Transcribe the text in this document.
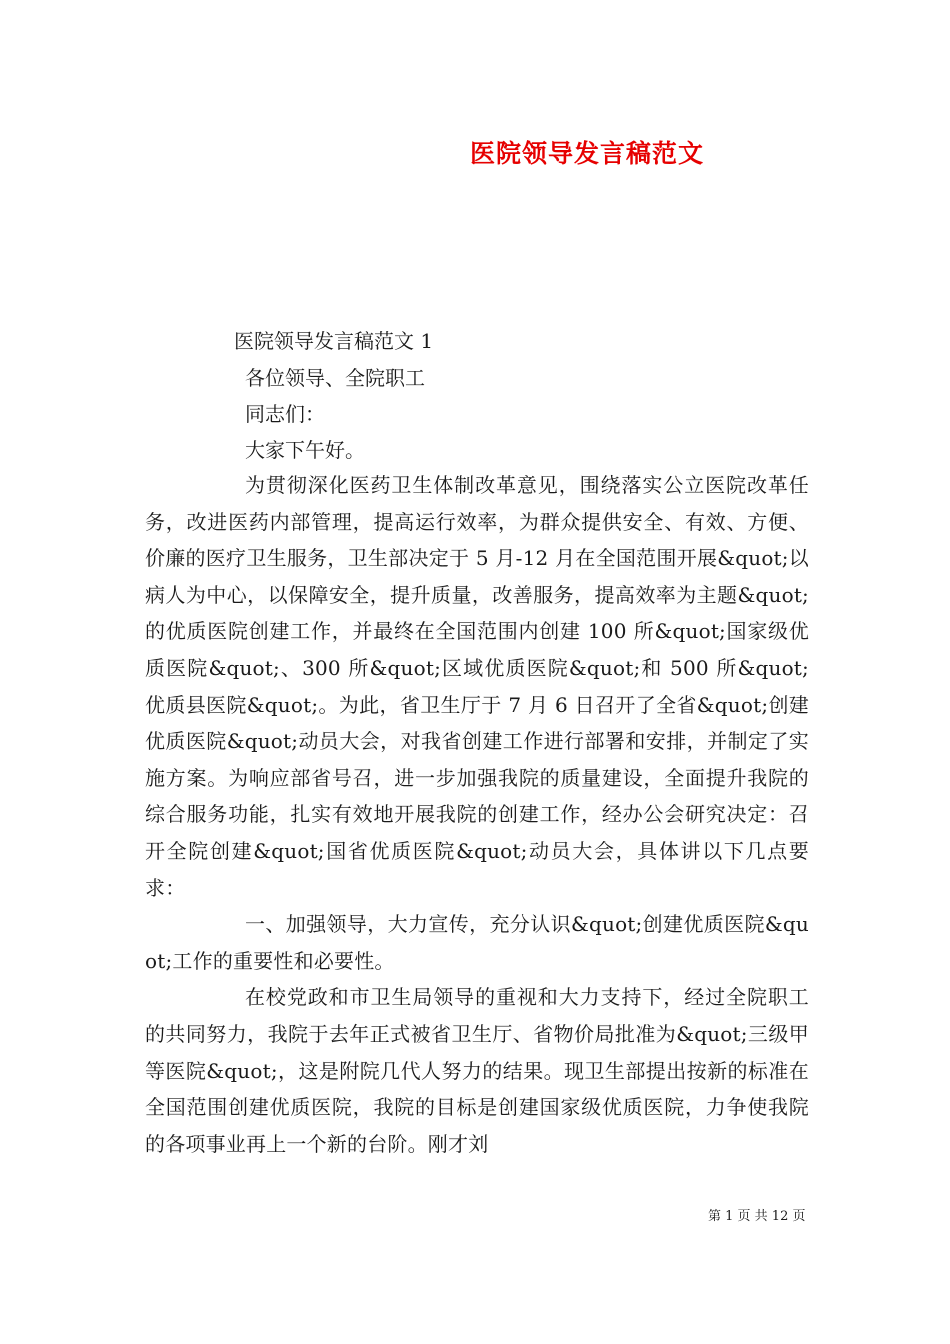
医院领导发言稿范文
医院领导发言稿范文 1
各位领导、全院职工
同志们：
大家下午好。

为贯彻深化医药卫生体制改革意见，围绕落实公立医院改革任务，改进医药内部管理，提高运行效率，为群众提供安全、有效、方便、价廉的医疗卫生服务，卫生部决定于 5 月-12 月在全国范围开展&quot;以病人为中心，以保障安全，提升质量，改善服务，提高效率为主题&quot;的优质医院创建工作，并最终在全国范围内创建 100 所&quot;国家级优质医院&quot;、300 所&quot;区域优质医院&quot;和 500 所&quot;优质县医院&quot;。为此，省卫生厅于 7 月 6 日召开了全省&quot;创建优质医院&quot;动员大会，对我省创建工作进行部署和安排，并制定了实施方案。为响应部省号召，进一步加强我院的质量建设，全面提升我院的综合服务功能，扎实有效地开展我院的创建工作，经办公会研究决定：召开全院创建&quot;国省优质医院&quot;动员大会，具体讲以下几点要求：

一、加强领导，大力宣传，充分认识&quot;创建优质医院&quot;工作的重要性和必要性。

在校党政和市卫生局领导的重视和大力支持下，经过全院职工的共同努力，我院于去年正式被省卫生厅、省物价局批准为&quot;三级甲等医院&quot;，这是附院几代人努力的结果。现卫生部提出按新的标准在全国范围创建优质医院，我院的目标是创建国家级优质医院，力争使我院的各项事业再上一个新的台阶。刚才刘

第 1 页 共 12 页
